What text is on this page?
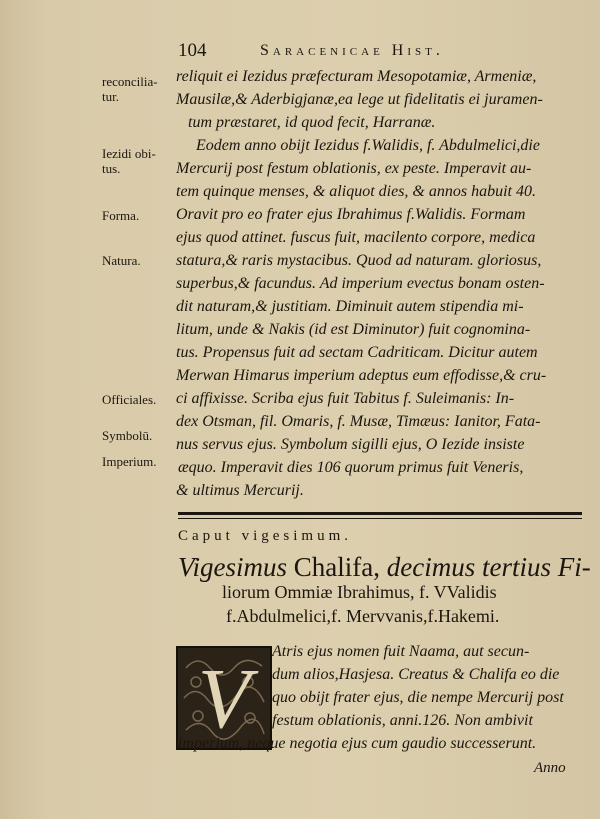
104	Saracenicae Hist.
reconcilia-
tur.
Iezidi obi-
tus.
Forma.
Natura.
Officiales.
Symbolū.
Imperium.
reliquit ei Iezidus præfecturam Mesopotamiæ, Armeniæ,
Mausilæ,& Aderbigjanæ,ea lege ut fidelitatis ei juramen-
tum præstaret, id quod fecit, Harranæ.
Eodem anno obijt Iezidus f.Walidis, f. Abdulmelici,die
Mercurij post festum oblationis, ex peste. Imperavit au-
tem quinque menses, & aliquot dies, & annos habuit 40.
Oravit pro eo frater ejus Ibrahimus f.Walidis. Formam
ejus quod attinet. fuscus fuit, macilento corpore, medica
statura,& raris mystacibus. Quod ad naturam. gloriosus,
superbus,& facundus. Ad imperium evectus bonam osten-
dit naturam,& justitiam. Diminuit autem stipendia mi-
litum, unde & Nakis (id est Diminutor) fuit cognomina-
tus. Propensus fuit ad sectam Cadriticam. Dicitur autem
Merwan Himarus imperium adeptus eum effodisse,& cru-
ci affixisse. Scriba ejus fuit Tabitus f. Suleimanis: In-
dex Otsman, fil. Omaris, f. Musæ, Timæus: Ianitor, Fata-
nus servus ejus. Symbolum sigilli ejus, O Iezide insiste
æquo. Imperavit dies 106 quorum primus fuit Veneris,
& ultimus Mercurij.
Caput vigesimum.
Vigesimus Chalifa, decimus tertius Fi-
liorum Ommiæ Ibrahimus, f. VValidis
f.Abdulmelici,f. Mervvanis,f.Hakemi.
V	Atris ejus nomen fuit Naama, aut secun-
dum alios,Hasjesa. Creatus & Chalifa eo die
quo obijt frater ejus, die nempe Mercurij post
festum oblationis, anni.126. Non ambivit
imperium, neque negotia ejus cum gaudio successerunt.
Anno
